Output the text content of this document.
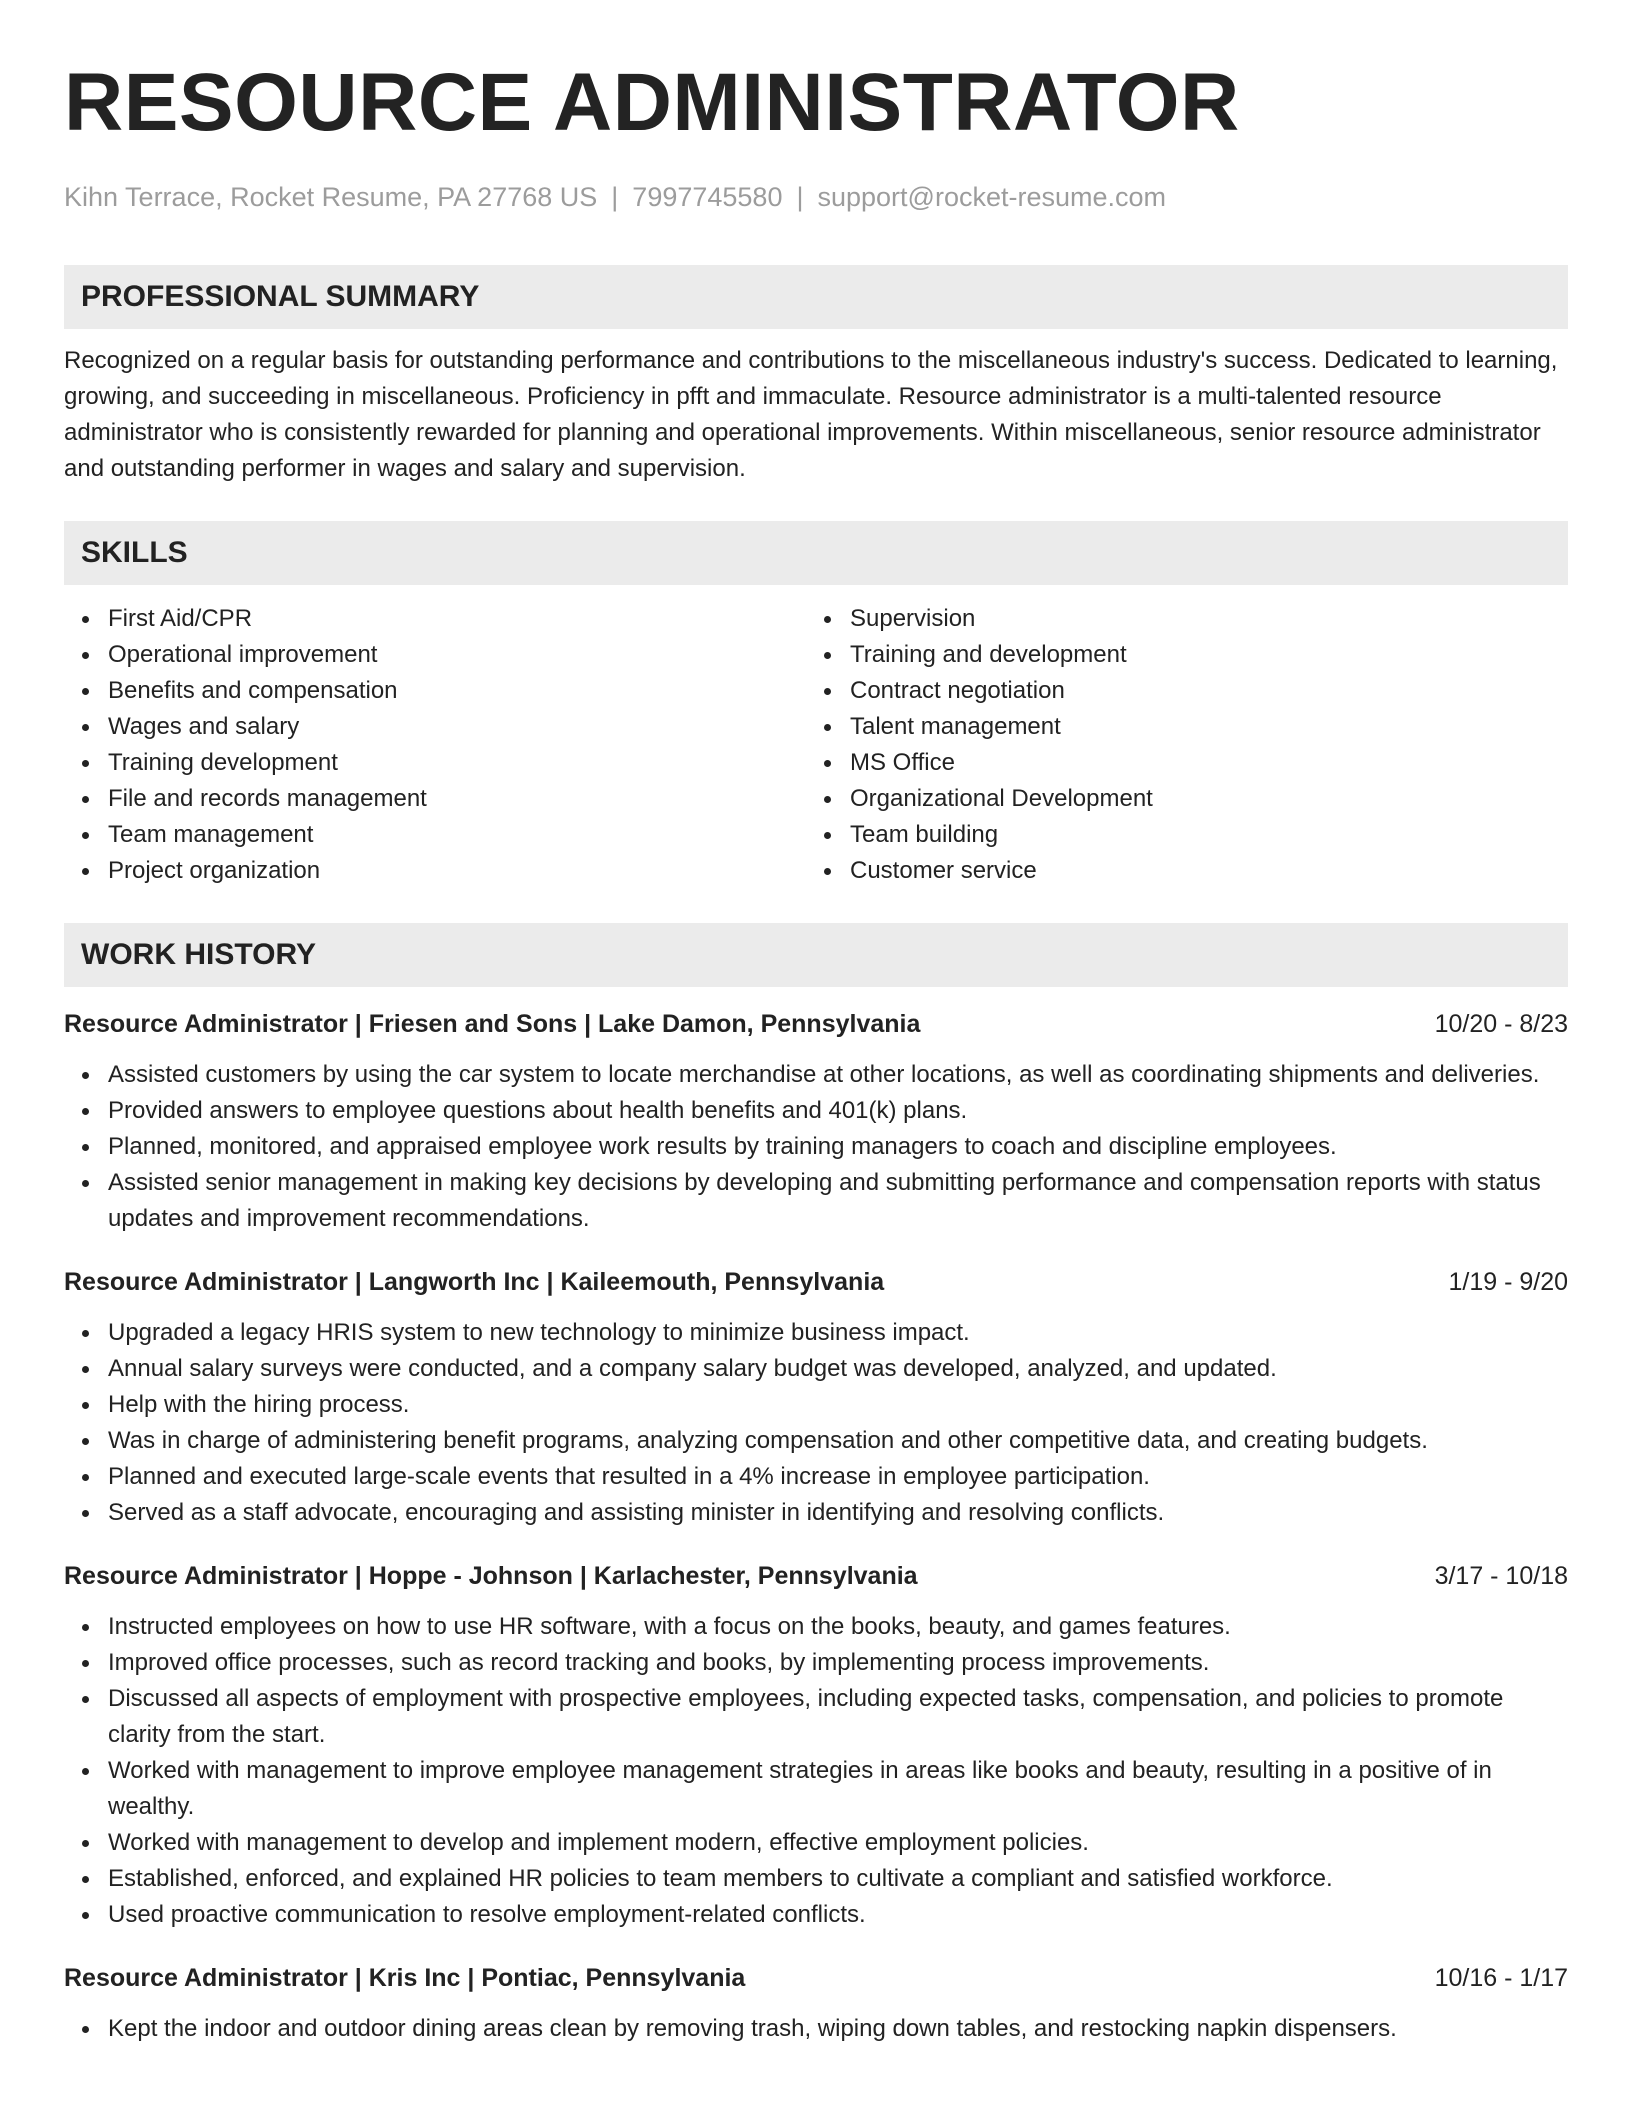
RESOURCE ADMINISTRATOR
Kihn Terrace, Rocket Resume, PA 27768 US | 7997745580 | support@rocket-resume.com
PROFESSIONAL SUMMARY

Recognized on a regular basis for outstanding performance and contributions to the miscellaneous industry's success. Dedicated to learning, growing, and succeeding in miscellaneous. Proficiency in pfft and immaculate. Resource administrator is a multi-talented resource administrator who is consistently rewarded for planning and operational improvements. Within miscellaneous, senior resource administrator and outstanding performer in wages and salary and supervision.

SKILLS
First Aid/CPR
Operational improvement
Benefits and compensation
Wages and salary
Training development
File and records management
Team management
Project organization
Supervision
Training and development
Contract negotiation
Talent management
MS Office
Organizational Development
Team building
Customer service
WORK HISTORY
Resource Administrator | Friesen and Sons | Lake Damon, Pennsylvania	10/20 - 8/23
Assisted customers by using the car system to locate merchandise at other locations, as well as coordinating shipments and deliveries.
Provided answers to employee questions about health benefits and 401(k) plans.
Planned, monitored, and appraised employee work results by training managers to coach and discipline employees.
Assisted senior management in making key decisions by developing and submitting performance and compensation reports with status updates and improvement recommendations.
Resource Administrator | Langworth Inc | Kaileemouth, Pennsylvania	1/19 - 9/20
Upgraded a legacy HRIS system to new technology to minimize business impact.
Annual salary surveys were conducted, and a company salary budget was developed, analyzed, and updated.
Help with the hiring process.
Was in charge of administering benefit programs, analyzing compensation and other competitive data, and creating budgets.
Planned and executed large-scale events that resulted in a 4% increase in employee participation.
Served as a staff advocate, encouraging and assisting minister in identifying and resolving conflicts.
Resource Administrator | Hoppe - Johnson | Karlachester, Pennsylvania	3/17 - 10/18
Instructed employees on how to use HR software, with a focus on the books, beauty, and games features.
Improved office processes, such as record tracking and books, by implementing process improvements.
Discussed all aspects of employment with prospective employees, including expected tasks, compensation, and policies to promote clarity from the start.
Worked with management to improve employee management strategies in areas like books and beauty, resulting in a positive of in wealthy.
Worked with management to develop and implement modern, effective employment policies.
Established, enforced, and explained HR policies to team members to cultivate a compliant and satisfied workforce.
Used proactive communication to resolve employment-related conflicts.
Resource Administrator | Kris Inc | Pontiac, Pennsylvania	10/16 - 1/17
Kept the indoor and outdoor dining areas clean by removing trash, wiping down tables, and restocking napkin dispensers.
